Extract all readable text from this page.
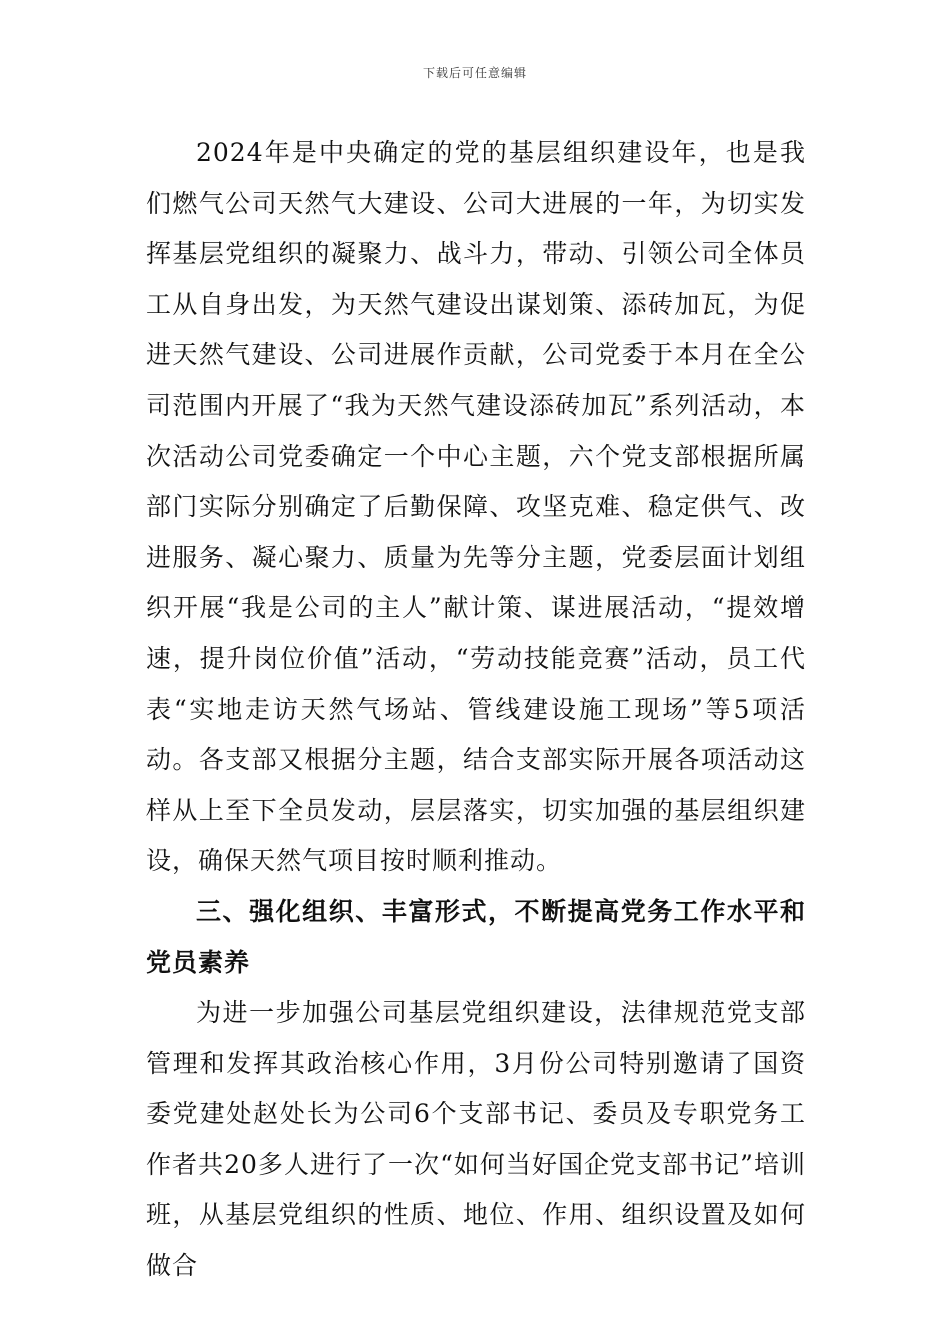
下载后可任意编辑

2024年是中央确定的党的基层组织建设年，也是我们燃气公司天然气大建设、公司大进展的一年，为切实发挥基层党组织的凝聚力、战斗力，带动、引领公司全体员工从自身出发，为天然气建设出谋划策、添砖加瓦，为促进天然气建设、公司进展作贡献，公司党委于本月在全公司范围内开展了“我为天然气建设添砖加瓦”系列活动，本次活动公司党委确定一个中心主题，六个党支部根据所属部门实际分别确定了后勤保障、攻坚克难、稳定供气、改进服务、凝心聚力、质量为先等分主题，党委层面计划组织开展“我是公司的主人”献计策、谋进展活动，“提效增速，提升岗位价值”活动，“劳动技能竞赛”活动，员工代表“实地走访天然气场站、管线建设施工现场”等5项活动。各支部又根据分主题，结合支部实际开展各项活动这样从上至下全员发动，层层落实，切实加强的基层组织建设，确保天然气项目按时顺利推动。

三、强化组织、丰富形式，不断提高党务工作水平和党员素养

为进一步加强公司基层党组织建设，法律规范党支部管理和发挥其政治核心作用，3月份公司特别邀请了国资委党建处赵处长为公司6个支部书记、委员及专职党务工作者共20多人进行了一次“如何当好国企党支部书记”培训班，从基层党组织的性质、地位、作用、组织设置及如何做合
